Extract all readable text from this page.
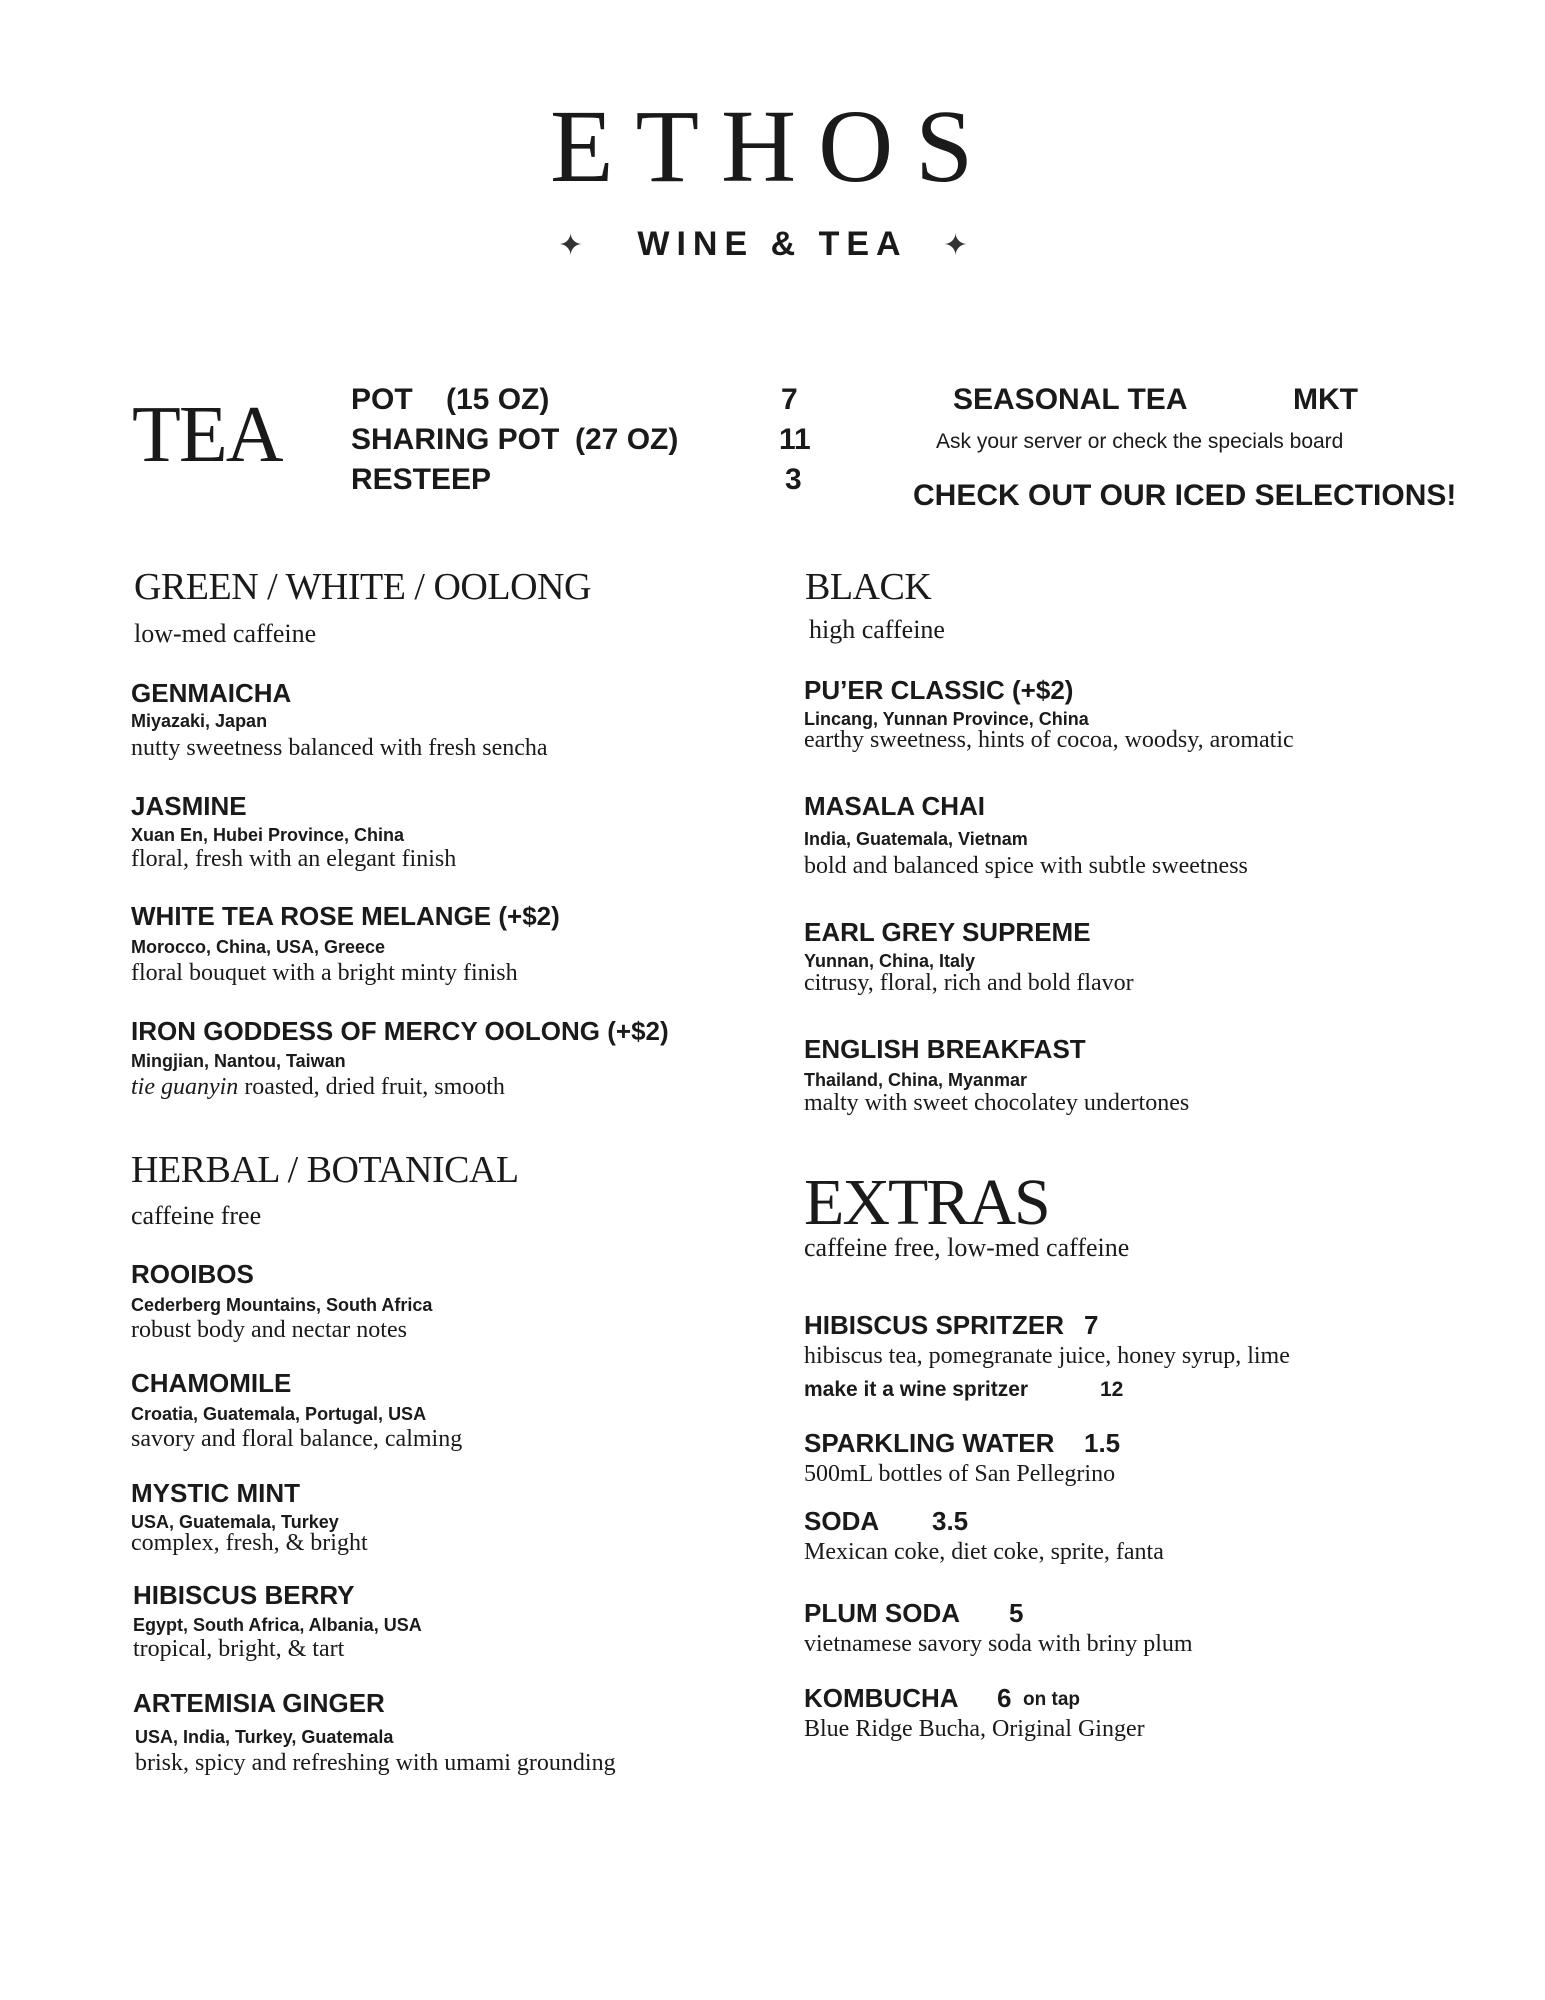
ETHOS
WINE & TEA
✦	✦
TEA POT (15 OZ)	7
SHARING POT (27 OZ)	11
RESTEEP	3
SEASONAL TEA	MKT
Ask your server or check the specials board
CHECK OUT OUR ICED SELECTIONS!
GREEN / WHITE / OOLONG
low-med caffeine
GENMAICHA
Miyazaki, Japan
nutty sweetness balanced with fresh sencha
JASMINE
Xuan En, Hubei Province, China
floral, fresh with an elegant finish
WHITE TEA ROSE MELANGE (+$2)
Morocco, China, USA, Greece
floral bouquet with a bright minty finish
IRON GODDESS OF MERCY OOLONG (+$2)
Mingjian, Nantou, Taiwan
tie guanyin roasted, dried fruit, smooth
HERBAL / BOTANICAL
caffeine free
ROOIBOS
Cederberg Mountains, South Africa
robust body and nectar notes
CHAMOMILE
Croatia, Guatemala, Portugal, USA
savory and floral balance, calming
MYSTIC MINT
USA, Guatemala, Turkey
complex, fresh, & bright
HIBISCUS BERRY
Egypt, South Africa, Albania, USA
tropical, bright, & tart
ARTEMISIA GINGER
USA, India, Turkey, Guatemala
brisk, spicy and refreshing with umami grounding
BLACK
high caffeine
PU’ER CLASSIC (+$2)
Lincang, Yunnan Province, China
earthy sweetness, hints of cocoa, woodsy, aromatic
MASALA CHAI
India, Guatemala, Vietnam
bold and balanced spice with subtle sweetness
EARL GREY SUPREME
Yunnan, China, Italy
citrusy, floral, rich and bold flavor
ENGLISH BREAKFAST
Thailand, China, Myanmar
malty with sweet chocolatey undertones
EXTRAS
caffeine free, low-med caffeine
HIBISCUS SPRITZER 7
hibiscus tea, pomegranate juice, honey syrup, lime
make it a wine spritzer	12
SPARKLING WATER 1.5
500mL bottles of San Pellegrino
SODA 3.5
Mexican coke, diet coke, sprite, fanta
PLUM SODA 5
vietnamese savory soda with briny plum
KOMBUCHA 6 on tap
Blue Ridge Bucha, Original Ginger
